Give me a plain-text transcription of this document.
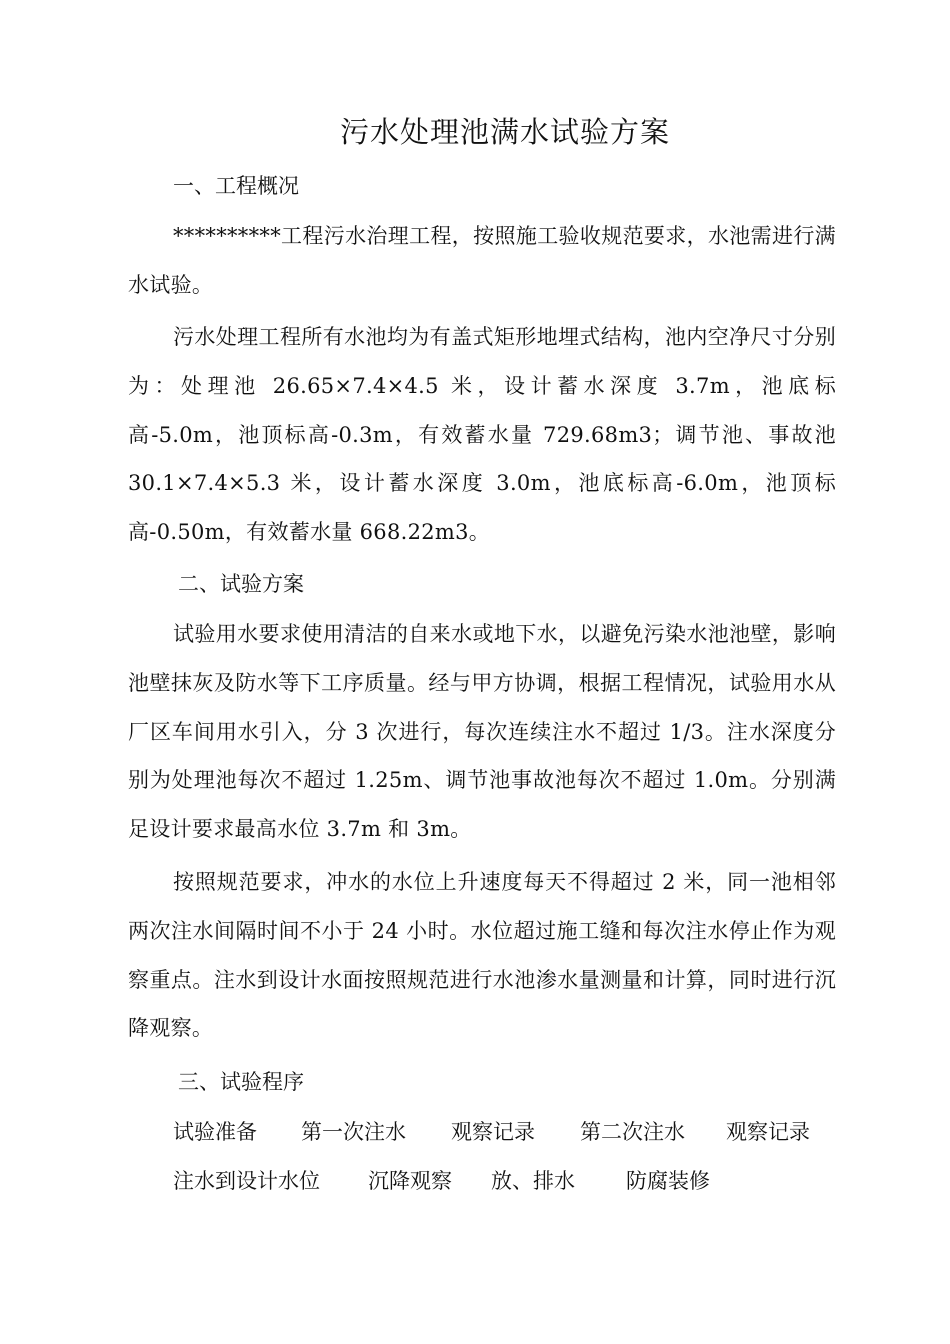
污水处理池满水试验方案
一、工程概况
**********工程污水治理工程，按照施工验收规范要求，水池需进行满水试验。
污水处理工程所有水池均为有盖式矩形地埋式结构，池内空净尺寸分别为：处理池 26.65×7.4×4.5 米，设计蓄水深度 3.7m，池底标高-5.0m，池顶标高-0.3m，有效蓄水量 729.68m3；调节池、事故池 30.1×7.4×5.3 米，设计蓄水深度 3.0m，池底标高-6.0m，池顶标高-0.50m，有效蓄水量 668.22m3。
二、试验方案
试验用水要求使用清洁的自来水或地下水，以避免污染水池池壁，影响池壁抹灰及防水等下工序质量。经与甲方协调，根据工程情况，试验用水从厂区车间用水引入，分 3 次进行，每次连续注水不超过 1/3。注水深度分别为处理池每次不超过 1.25m、调节池事故池每次不超过 1.0m。分别满足设计要求最高水位 3.7m 和 3m。
按照规范要求，冲水的水位上升速度每天不得超过 2 米，同一池相邻两次注水间隔时间不小于 24 小时。水位超过施工缝和每次注水停止作为观察重点。注水到设计水面按照规范进行水池渗水量测量和计算，同时进行沉降观察。
三、试验程序
试验准备 第一次注水 观察记录 第二次注水 观察记录
注水到设计水位 沉降观察 放、排水 防腐装修
